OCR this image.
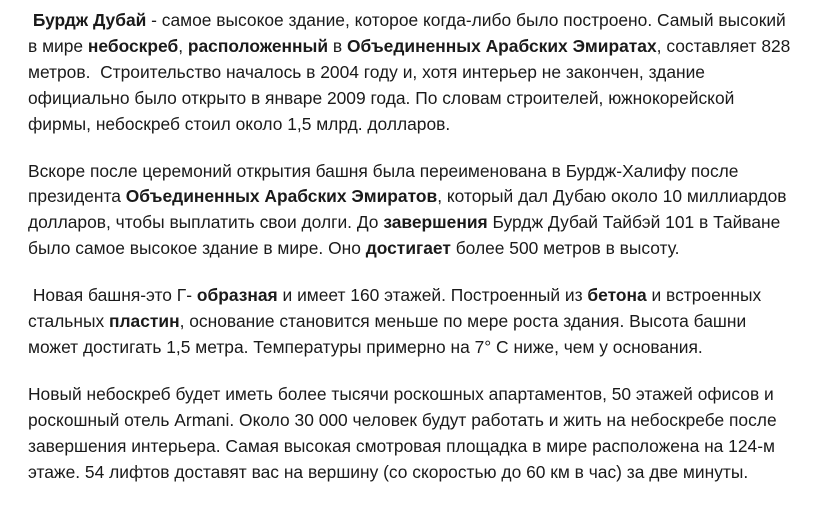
Бурдж Дубай - самое высокое здание, которое когда-либо было построено. Самый высокий
в мире небоскреб, расположенный в Объединенных Арабских Эмиратах, составляет 828
метров.  Строительство началось в 2004 году и, хотя интерьер не закончен, здание
официально было открыто в январе 2009 года. По словам строителей, южнокорейской
фирмы, небоскреб стоил около 1,5 млрд. долларов.

Вскоре после церемоний открытия башня была переименована в Бурдж-Халифу после
президента Объединенных Арабских Эмиратов, который дал Дубаю около 10 миллиардов
долларов, чтобы выплатить свои долги. До завершения Бурдж Дубай Тайбэй 101 в Тайване
было самое высокое здание в мире. Оно достигает более 500 метров в высоту.

Новая башня-это Г- образная и имеет 160 этажей. Построенный из бетона и встроенных
стальных пластин, основание становится меньше по мере роста здания. Высота башни
может достигать 1,5 метра. Температуры примерно на 7° С ниже, чем у основания.

Новый небоскреб будет иметь более тысячи роскошных апартаментов, 50 этажей офисов и
роскошный отель Armani. Около 30 000 человек будут работать и жить на небоскребе после
завершения интерьера. Самая высокая смотровая площадка в мире расположена на 124-м
этаже. 54 лифтов доставят вас на вершину (со скоростью до 60 км в час) за две минуты.
